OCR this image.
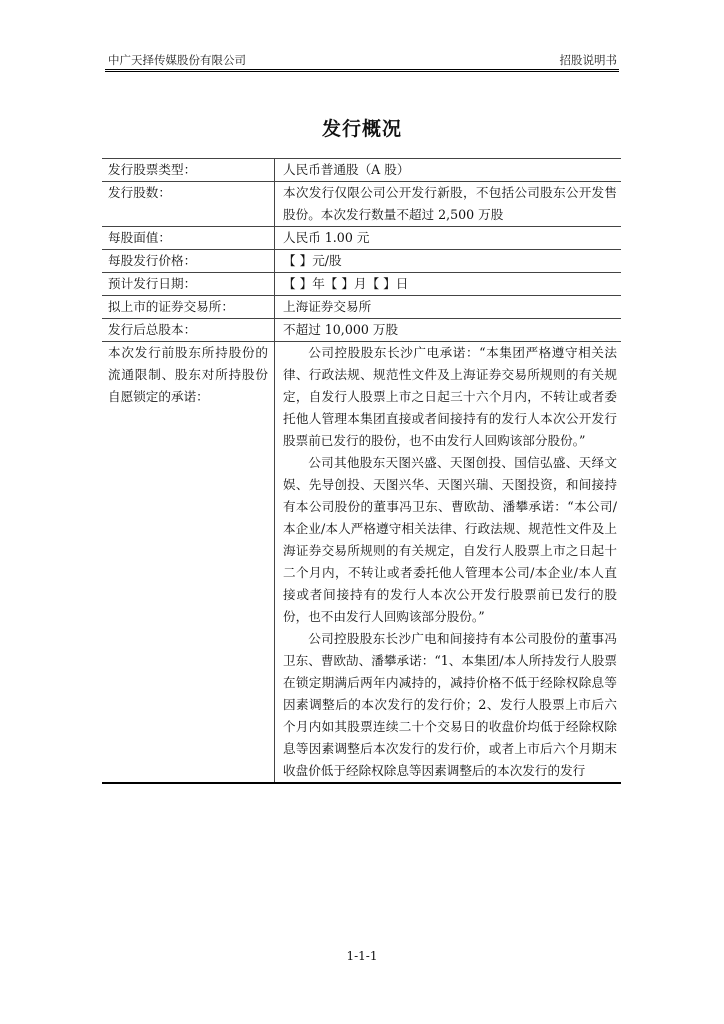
中广天择传媒股份有限公司	招股说明书
发行概况
发行股票类型：	人民币普通股（A 股）
发行股数：	本次发行仅限公司公开发行新股，不包括公司股东公开发售股份。本次发行数量不超过 2,500 万股
每股面值：	人民币 1.00 元
每股发行价格：	【 】元/股
预计发行日期：	【 】年【 】月【 】日
拟上市的证券交易所：	上海证券交易所
发行后总股本：	不超过 10,000 万股
本次发行前股东所持股份的流通限制、股东对所持股份自愿锁定的承诺：	公司控股股东长沙广电承诺：“本集团严格遵守相关法律、行政法规、规范性文件及上海证券交易所规则的有关规定，自发行人股票上市之日起三十六个月内，不转让或者委托他人管理本集团直接或者间接持有的发行人本次公开发行股票前已发行的股份，也不由发行人回购该部分股份。”
公司其他股东天图兴盛、天图创投、国信弘盛、天绎文娱、先导创投、天图兴华、天图兴瑞、天图投资，和间接持有本公司股份的董事冯卫东、曹欧劼、潘攀承诺：“本公司/本企业/本人严格遵守相关法律、行政法规、规范性文件及上海证券交易所规则的有关规定，自发行人股票上市之日起十二个月内，不转让或者委托他人管理本公司/本企业/本人直接或者间接持有的发行人本次公开发行股票前已发行的股份，也不由发行人回购该部分股份。”
公司控股股东长沙广电和间接持有本公司股份的董事冯卫东、曹欧劼、潘攀承诺：“1、本集团/本人所持发行人股票在锁定期满后两年内减持的，减持价格不低于经除权除息等因素调整后的本次发行的发行价；2、发行人股票上市后六个月内如其股票连续二十个交易日的收盘价均低于经除权除息等因素调整后本次发行的发行价，或者上市后六个月期末收盘价低于经除权除息等因素调整后的本次发行的发行
1-1-1
